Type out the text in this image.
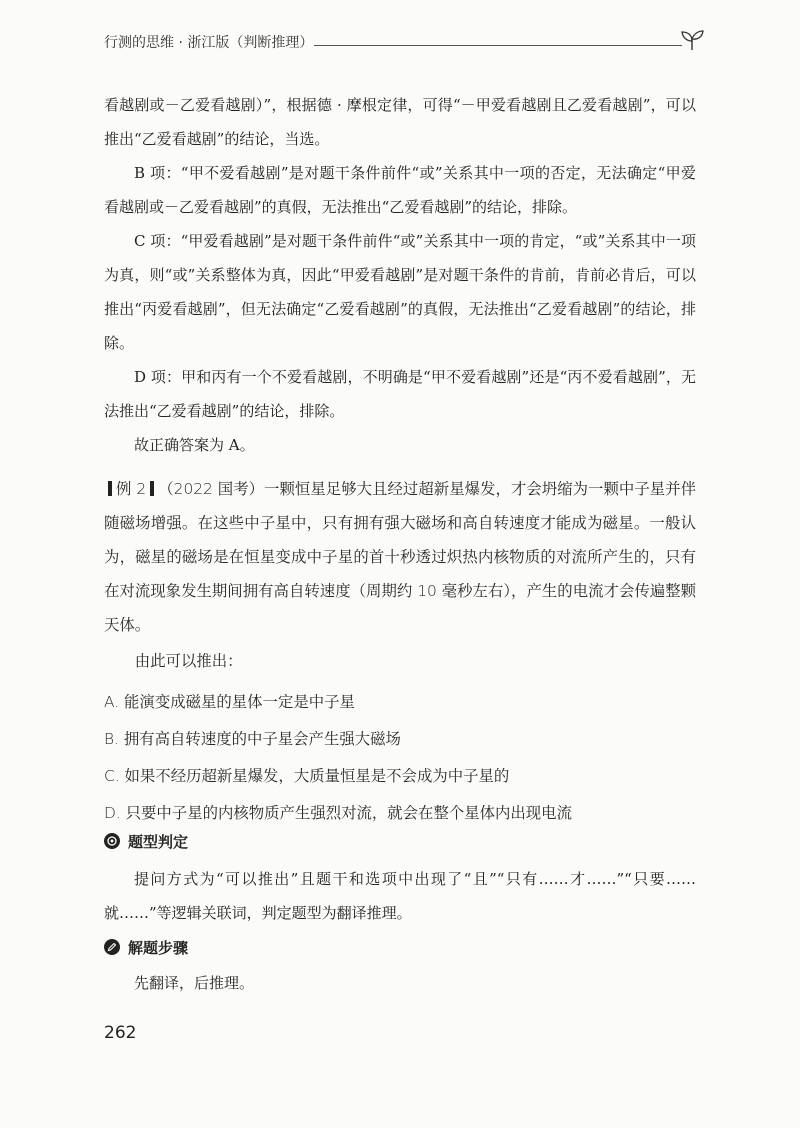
行测的思维 · 浙江版（判断推理）
看越剧或－乙爱看越剧）”，根据德 · 摩根定律，可得“－甲爱看越剧且乙爱看越剧”，可以推出“乙爱看越剧”的结论，当选。
B 项：“甲不爱看越剧”是对题干条件前件“或”关系其中一项的否定，无法确定“甲爱看越剧或－乙爱看越剧”的真假，无法推出“乙爱看越剧”的结论，排除。
C 项：“甲爱看越剧”是对题干条件前件“或”关系其中一项的肯定，“或”关系其中一项为真，则“或”关系整体为真，因此“甲爱看越剧”是对题干条件的肯前，肯前必肯后，可以推出“丙爱看越剧”，但无法确定“乙爱看越剧”的真假，无法推出“乙爱看越剧”的结论，排除。
D 项：甲和丙有一个不爱看越剧，不明确是“甲不爱看越剧”还是“丙不爱看越剧”，无法推出“乙爱看越剧”的结论，排除。
故正确答案为 A。
例 2 （2022 国考）一颗恒星足够大且经过超新星爆发，才会坍缩为一颗中子星并伴随磁场增强。在这些中子星中，只有拥有强大磁场和高自转速度才能成为磁星。一般认为，磁星的磁场是在恒星变成中子星的首十秒透过炽热内核物质的对流所产生的，只有在对流现象发生期间拥有高自转速度（周期约 10 毫秒左右），产生的电流才会传遍整颗天体。
由此可以推出：
A. 能演变成磁星的星体一定是中子星
B. 拥有高自转速度的中子星会产生强大磁场
C. 如果不经历超新星爆发，大质量恒星是不会成为中子星的
D. 只要中子星的内核物质产生强烈对流，就会在整个星体内出现电流
题型判定
提问方式为“可以推出”且题干和选项中出现了“且”“只有……才……”“只要……就……”等逻辑关联词，判定题型为翻译推理。
解题步骤
先翻译，后推理。
262
